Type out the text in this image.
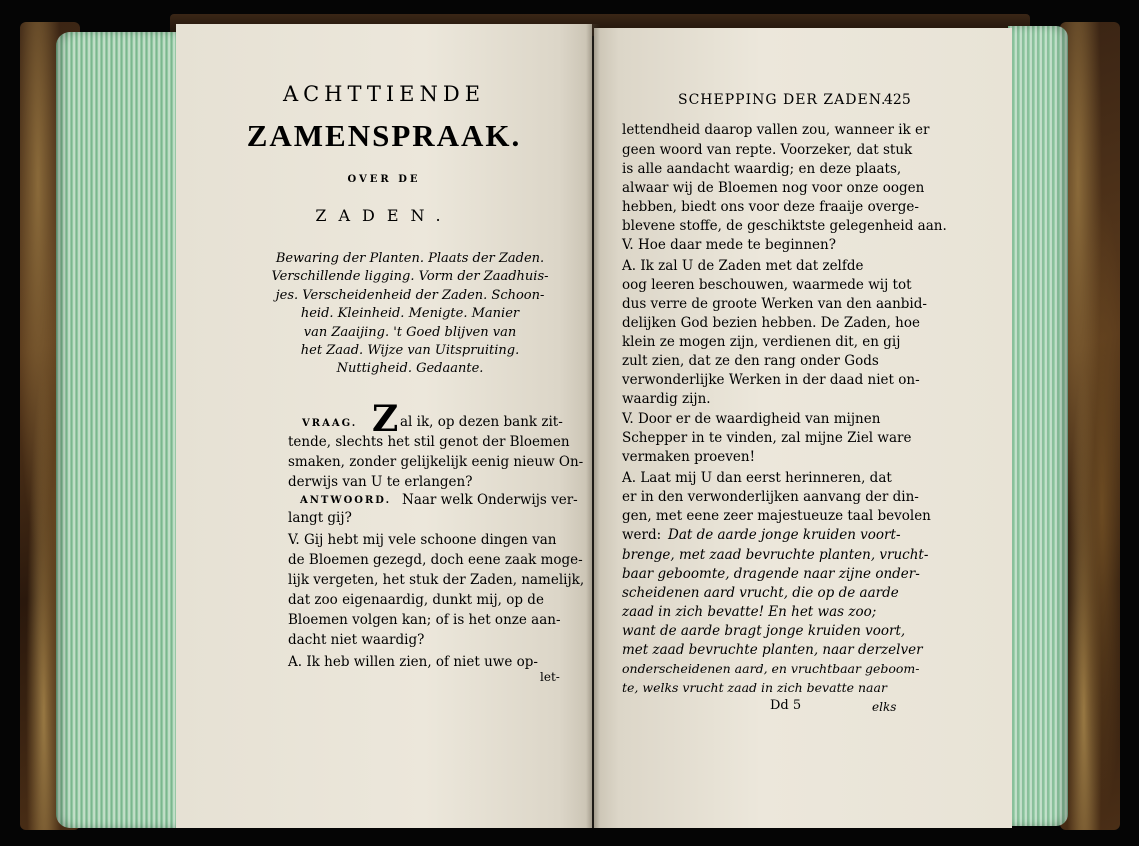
ACHTTIENDE
ZAMENSPRAAK.
OVER DE
ZADEN.
Bewaring der Planten. Plaats der Zaden.
Verschillende ligging. Vorm der Zaadhuis-
jes. Verscheidenheid der Zaden. Schoon-
heid. Kleinheid. Menigte. Manier
van Zaaijing. 't Goed blijven van
het Zaad. Wijze van Uitspruiting.
Nuttigheid. Gedaante.
VRAAG. Z al ik, op dezen bank zit-
tende, slechts het stil genot der Bloemen
smaken, zonder gelijkelijk eenig nieuw On-
derwijs van U te erlangen?
ANTWOORD. Naar welk Onderwijs ver-
langt gij?
V. Gij hebt mij vele schoone dingen van
de Bloemen gezegd, doch eene zaak moge-
lijk vergeten, het stuk der Zaden, namelijk,
dat zoo eigenaardig, dunkt mij, op de
Bloemen volgen kan; of is het onze aan-
dacht niet waardig?
A. Ik heb willen zien, of niet uwe op-
let-
SCHEPPING DER ZADEN.
425
lettendheid daarop vallen zou, wanneer ik er
geen woord van repte. Voorzeker, dat stuk
is alle aandacht waardig; en deze plaats,
alwaar wij de Bloemen nog voor onze oogen
hebben, biedt ons voor deze fraaije overge-
blevene stoffe, de geschiktste gelegenheid aan.
V. Hoe daar mede te beginnen?
A. Ik zal U de Zaden met dat zelfde
oog leeren beschouwen, waarmede wij tot
dus verre de groote Werken van den aanbid-
delijken God bezien hebben. De Zaden, hoe
klein ze mogen zijn, verdienen dit, en gij
zult zien, dat ze den rang onder Gods
verwonderlijke Werken in der daad niet on-
waardig zijn.
V. Door er de waardigheid van mijnen
Schepper in te vinden, zal mijne Ziel ware
vermaken proeven!
A. Laat mij U dan eerst herinneren, dat
er in den verwonderlijken aanvang der din-
gen, met eene zeer majestueuze taal bevolen
werd: Dat de aarde jonge kruiden voort-
brenge, met zaad bevruchte planten, vrucht-
baar geboomte, dragende naar zijne onder-
scheidenen aard vrucht, die op de aarde
zaad in zich bevatte! En het was zoo;
want de aarde bragt jonge kruiden voort,
met zaad bevruchte planten, naar derzelver
onderscheidenen aard, en vruchtbaar geboom-
te, welks vrucht zaad in zich bevatte naar
Dd 5	elks
